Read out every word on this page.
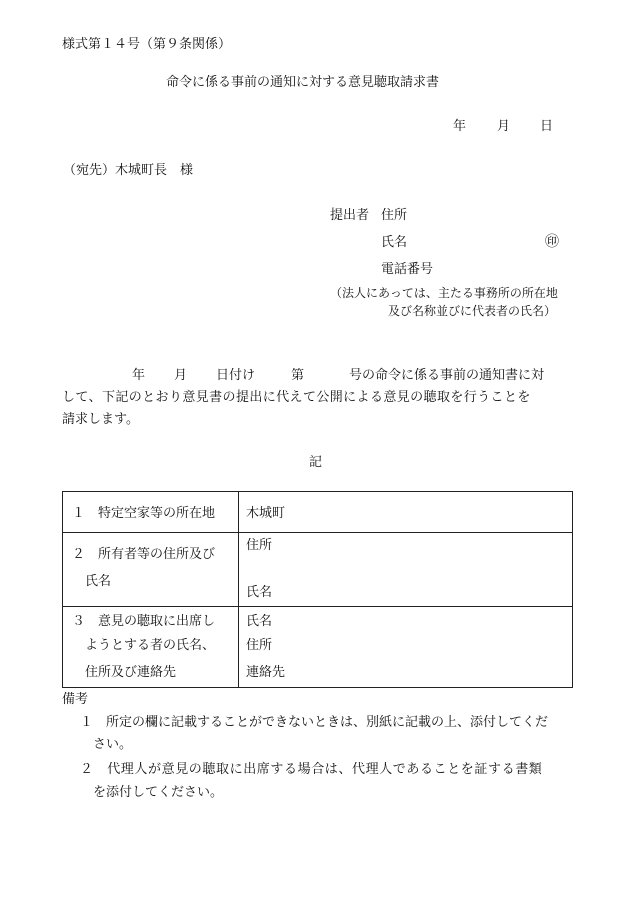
様式第１４号（第９条関係）
命令に係る事前の通知に対する意見聴取請求書
年 月 日
（宛先）木城町長　様
提出者 住所
氏名	㊞
電話番号
（法人にあっては、主たる事務所の所在地
及び名称並びに代表者の氏名）
年 月 日付け	第	号の命令に係る事前の通知書に対
して、下記のとおり意見書の提出に代えて公開による意見の聴取を行うことを
請求します。
記
１　特定空家等の所在地	木城町

２　所有者等の住所及び
氏名	住所
氏名

３　意見の聴取に出席し
ようとする者の氏名、
住所及び連絡先	氏名
住所
連絡先
備考
１　所定の欄に記載することができないときは、別紙に記載の上、添付してくだ
さい。
２　代理人が意見の聴取に出席する場合は、代理人であることを証する書類
を添付してください。
